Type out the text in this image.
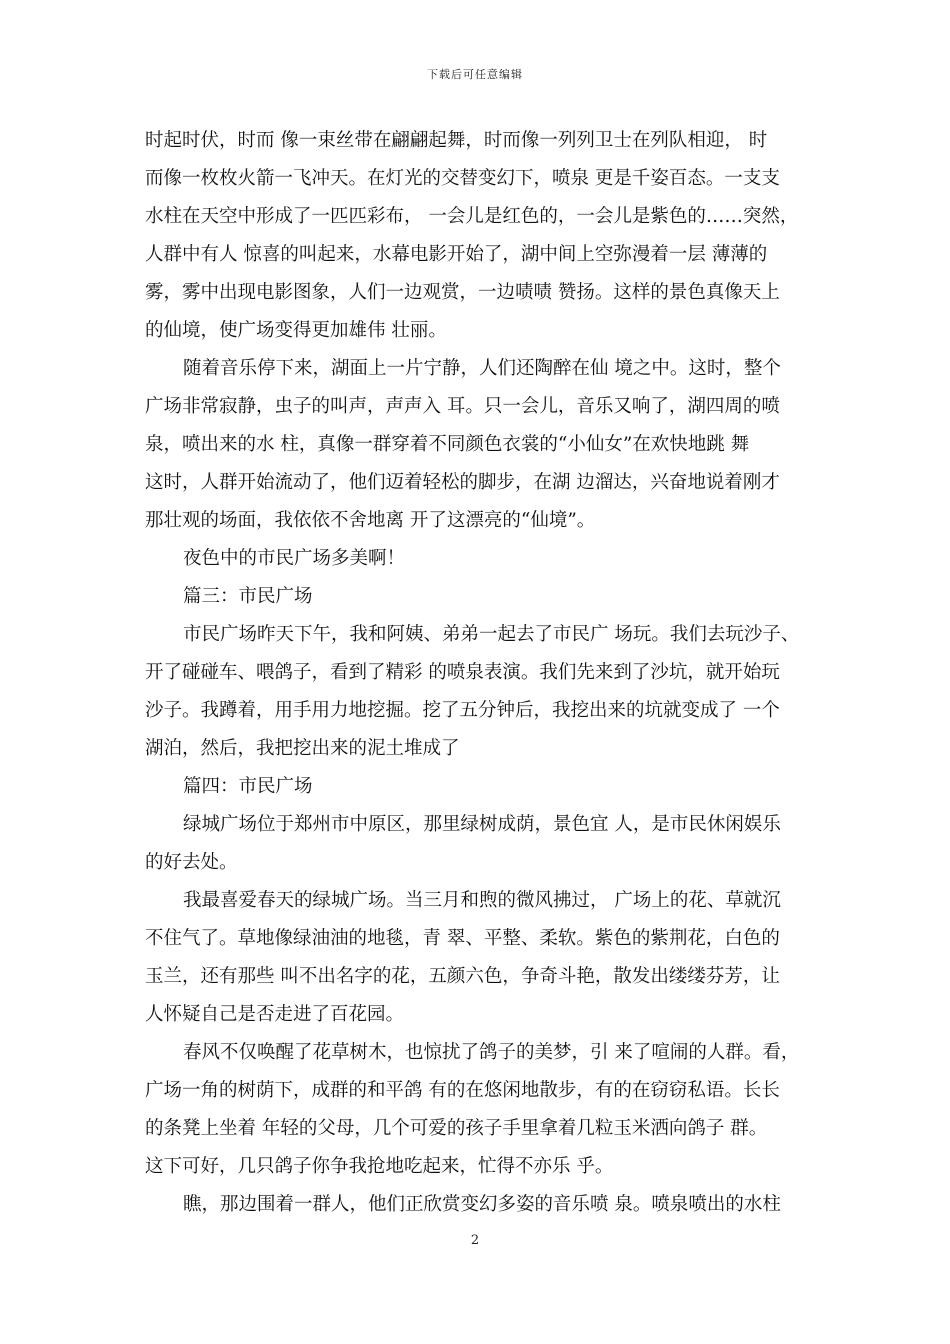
下载后可任意编辑
时起时伏，时而 像一束丝带在翩翩起舞，时而像一列列卫士在列队相迎， 时
而像一枚枚火箭一飞冲天。在灯光的交替变幻下，喷泉 更是千姿百态。一支支
水柱在天空中形成了一匹匹彩布， 一会儿是红色的，一会儿是紫色的……突然，
人群中有人 惊喜的叫起来，水幕电影开始了，湖中间上空弥漫着一层 薄薄的
雾，雾中出现电影图象，人们一边观赏，一边啧啧 赞扬。这样的景色真像天上
的仙境，使广场变得更加雄伟 壮丽。
随着音乐停下来，湖面上一片宁静，人们还陶醉在仙 境之中。这时，整个
广场非常寂静，虫子的叫声，声声入 耳。只一会儿，音乐又响了，湖四周的喷
泉，喷出来的水 柱，真像一群穿着不同颜色衣裳的“小仙女”在欢快地跳 舞
这时，人群开始流动了，他们迈着轻松的脚步，在湖 边溜达，兴奋地说着刚才
那壮观的场面，我依依不舍地离 开了这漂亮的“仙境”。
夜色中的市民广场多美啊！
篇三：市民广场
市民广场昨天下午，我和阿姨、弟弟一起去了市民广 场玩。我们去玩沙子、
开了碰碰车、喂鸽子，看到了精彩 的喷泉表演。我们先来到了沙坑，就开始玩
沙子。我蹲着，用手用力地挖掘。挖了五分钟后，我挖出来的坑就变成了 一个
湖泊，然后，我把挖出来的泥土堆成了
篇四：市民广场
绿城广场位于郑州市中原区，那里绿树成荫，景色宜 人，是市民休闲娱乐
的好去处。
我最喜爱春天的绿城广场。当三月和煦的微风拂过， 广场上的花、草就沉
不住气了。草地像绿油油的地毯，青 翠、平整、柔软。紫色的紫荆花，白色的
玉兰，还有那些 叫不出名字的花，五颜六色，争奇斗艳，散发出缕缕芬芳，让
人怀疑自己是否走进了百花园。
春风不仅唤醒了花草树木，也惊扰了鸽子的美梦，引 来了喧闹的人群。看，
广场一角的树荫下，成群的和平鸽 有的在悠闲地散步，有的在窃窃私语。长长
的条凳上坐着 年轻的父母，几个可爱的孩子手里拿着几粒玉米洒向鸽子 群。
这下可好，几只鸽子你争我抢地吃起来，忙得不亦乐 乎。
瞧，那边围着一群人，他们正欣赏变幻多姿的音乐喷 泉。喷泉喷出的水柱
2
